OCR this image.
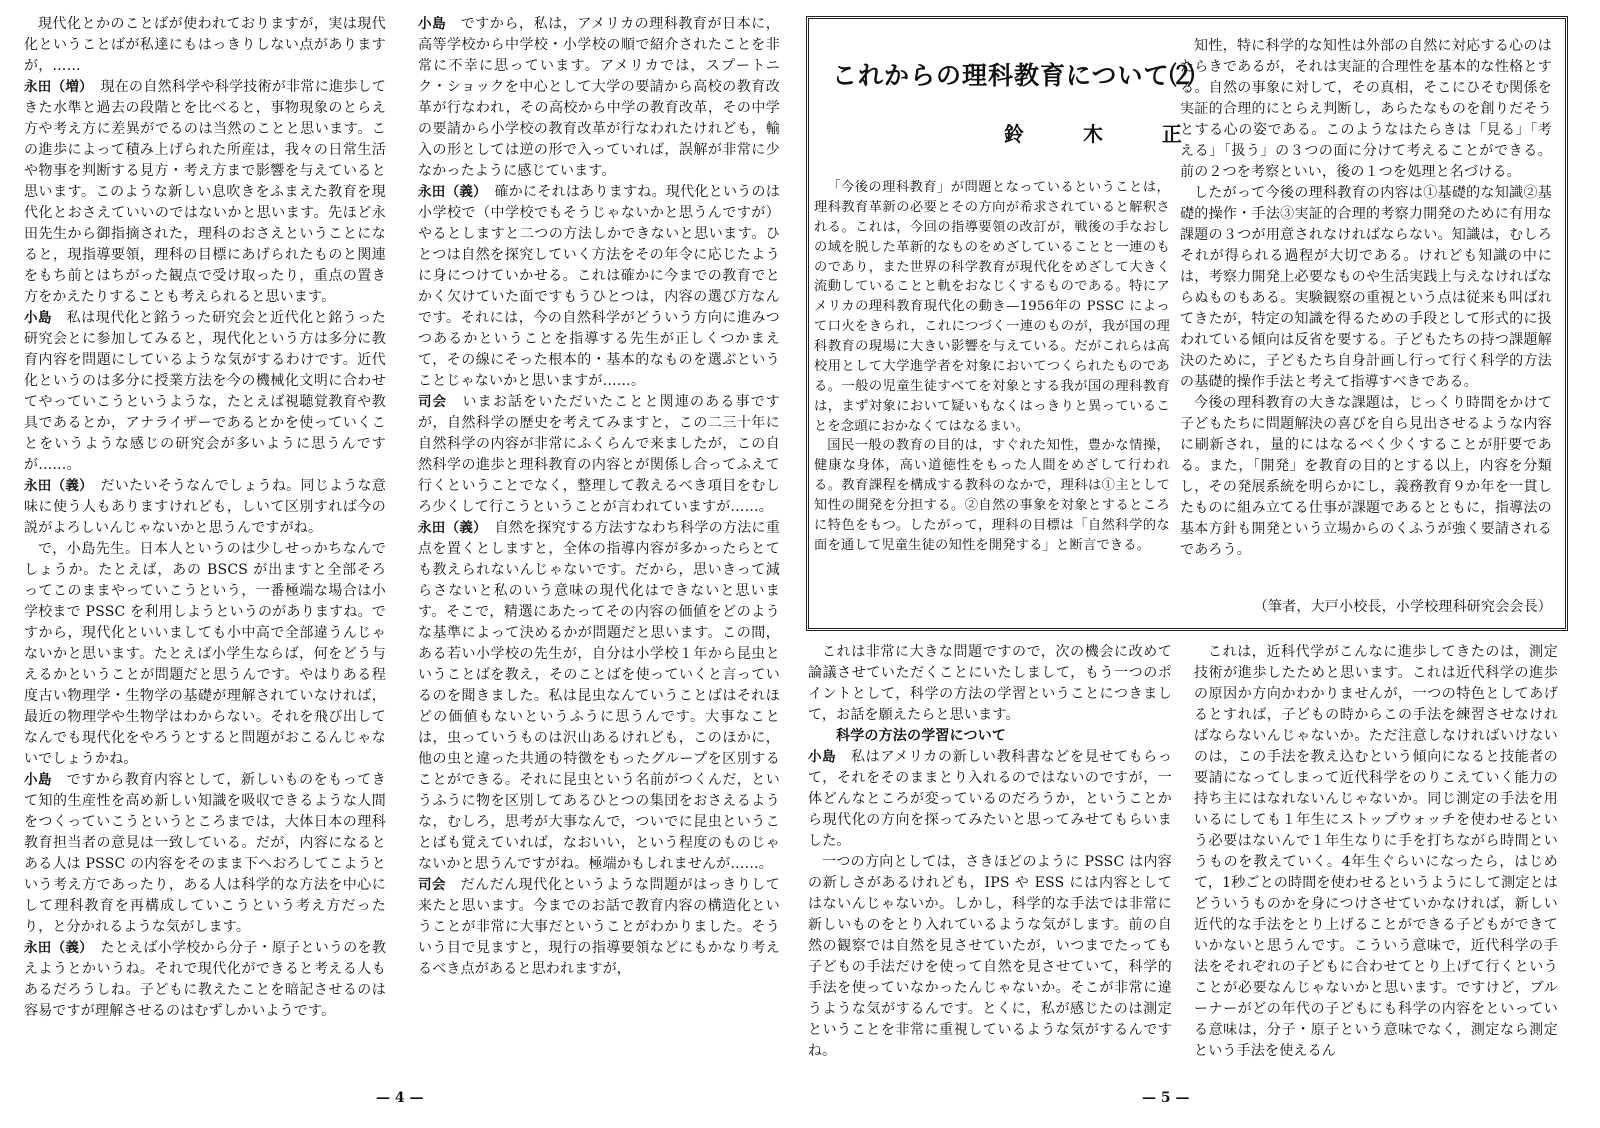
現代化とかのことばが使われておりますが，実は現代化ということばが私達にもはっきりしない点がありますが，……

永田（増）　 現在の自然科学や科学技術が非常に進歩してきた水準と過去の段階とを比べると，事物現象のとらえ方や考え方に差異がでるのは当然のことと思います。この進歩によって積み上げられた所産は，我々の日常生活や物事を判断する見方・考え方まで影響を与えていると思います。このような新しい息吹きをふまえた教育を現代化とおさえていいのではないかと思います。先ほど永田先生から御指摘された，理科のおさえということになると，現指導要領，理科の目標にあげられたものと関連をもち前とはちがった観点で受け取ったり，重点の置き方をかえたりすることも考えられると思います。

小島　 私は現代化と銘うった研究会と近代化と銘うった研究会とに参加してみると，現代化という方は多分に教育内容を問題にしているような気がするわけです。近代化というのは多分に授業方法を今の機械化文明に合わせてやっていこうというような，たとえば視聴覚教育や教具であるとか，アナライザーであるとかを使っていくことをいうような感じの研究会が多いように思うんですが……。

永田（義）　 だいたいそうなんでしょうね。同じような意味に使う人もありますけれども，しいて区別すれば今の説がよろしいんじゃないかと思うんですがね。

で，小島先生。日本人というのは少しせっかちなんでしょうか。たとえば，あの BSCS が出ますと全部そろってこのままやっていこうという，一番極端な場合は小学校まで PSSC を利用しようというのがありますね。ですから，現代化といいましても小中高で全部違うんじゃないかと思います。たとえば小学生ならば，何をどう与えるかということが問題だと思うんです。やはりある程度古い物理学・生物学の基礎が理解されていなければ，最近の物理学や生物学はわからない。それを飛び出してなんでも現代化をやろうとすると問題がおこるんじゃないでしょうかね。

小島　 ですから教育内容として，新しいものをもってきて知的生産性を高め新しい知識を吸収できるような人間をつくっていこうというところまでは，大体日本の理科教育担当者の意見は一致している。だが，内容になるとある人は PSSC の内容をそのまま下へおろしてこようという考え方であったり，ある人は科学的な方法を中心にして理科教育を再構成していこうという考え方だったり，と分かれるような気がします。

永田（義）　 たとえば小学校から分子・原子というのを教えようとかいうね。それで現代化ができると考える人もあるだろうしね。子どもに教えたことを暗記させるのは容易ですが理解させるのはむずしかいようです。

小島　 ですから，私は，アメリカの理科教育が日本に，高等学校から中学校・小学校の順で紹介されたことを非常に不幸に思っています。アメリカでは，スプートニク・ショックを中心として大学の要請から高校の教育改革が行なわれ，その高校から中学の教育改革，その中学の要請から小学校の教育改革が行なわれたけれども，輸入の形としては逆の形で入っていれば，誤解が非常に少なかったように感じています。

永田（義）　 確かにそれはありますね。現代化というのは小学校で（中学校でもそうじゃないかと思うんですが）やるとしますと二つの方法しかできないと思います。ひとつは自然を探究していく方法をその年令に応じたように身につけていかせる。これは確かに今までの教育でとかく欠けていた面ですもうひとつは，内容の選び方なんです。それには，今の自然科学がどういう方向に進みつつあるかということを指導する先生が正しくつかまえて，その線にそった根本的・基本的なものを選ぶということじゃないかと思いますが……。

司会　 いまお話をいただいたことと関連のある事ですが，自然科学の歴史を考えてみますと，この二三十年に自然科学の内容が非常にふくらんで来ましたが，この自然科学の進歩と理科教育の内容とが関係し合ってふえて行くということでなく，整理して教えるべき項目をむしろ少くして行こうということが言われていますが……。

永田（義）　 自然を探究する方法すなわち科学の方法に重点を置くとしますと，全体の指導内容が多かったらとても教えられないんじゃないです。だから，思いきって減らさないと私のいう意味の現代化はできないと思います。そこで，精選にあたってその内容の価値をどのような基準によって決めるかが問題だと思います。この間，ある若い小学校の先生が，自分は小学校１年から昆虫ということばを教え，そのことばを使っていくと言っているのを聞きました。私は昆虫なんていうことばはそれほどの価値もないというふうに思うんです。大事なことは，虫っていうものは沢山あるけれども，このほかに，他の虫と違った共通の特徴をもったグループを区別することができる。それに昆虫という名前がつくんだ，というふうに物を区別してあるひとつの集団をおさえるような，むしろ，思考が大事なんで，ついでに昆虫ということばも覚えていれば，なおいい，という程度のものじゃないかと思うんですがね。極端かもしれませんが……。

司会　 だんだん現代化というような問題がはっきりして来たと思います。今までのお話で教育内容の構造化ということが非常に大事だということがわかりました。そういう目で見ますと，現行の指導要領などにもかなり考えるべき点があると思われますが，

— 4 —
これからの理科教育について⑵
鈴 木 正

「今後の理科教育」が問題となっているということは，理科教育革新の必要とその方向が希求されていると解釈される。これは，今回の指導要領の改訂が，戦後の手なおしの域を脱した革新的なものをめざしていることと一連のものであり，また世界の科学教育が現代化をめざして大きく流動していることと軌をおなじくするものである。特にアメリカの理科教育現代化の動き—1956年の PSSC によって口火をきられ，これにつづく一連のものが，我が国の理科教育の現場に大きい影響を与えている。だがこれらは高校用として大学進学者を対象においてつくられたものである。一般の児童生徒すべてを対象とする我が国の理科教育は，まず対象において疑いもなくはっきりと異っていることを念頭におかなくてはなるまい。

国民一般の教育の目的は，すぐれた知性，豊かな情操，健康な身体，高い道徳性をもった人間をめざして行われる。教育課程を構成する教科のなかで，理科は①主として知性の開発を分担する。②自然の事象を対象とするところに特色をもつ。したがって，理科の目標は「自然科学的な面を通して児童生徒の知性を開発する」と断言できる。

知性，特に科学的な知性は外部の自然に対応する心のはたらきであるが，それは実証的合理性を基本的な性格とする。自然の事象に対して，その真相，そこにひそむ関係を実証的合理的にとらえ判断し，あらたなものを創りだそうとする心の姿である。このようなはたらきは「見る」「考える」「扱う」の３つの面に分けて考えることができる。前の２つを考察といい，後の１つを処理と名づける。

したがって今後の理科教育の内容は①基礎的な知識②基礎的操作・手法③実証的合理的考察力開発のために有用な課題の３つが用意されなければならない。知識は，むしろそれが得られる過程が大切である。けれども知識の中には，考察力開発上必要なものや生活実践上与えなければならぬものもある。実験観察の重視という点は従来も叫ばれてきたが，特定の知識を得るための手段として形式的に扱われている傾向は反省を要する。子どもたちの持つ課題解決のために，子どもたち自身計画し行って行く科学的方法の基礎的操作手法と考えて指導すべきである。

今後の理科教育の大きな課題は，じっくり時間をかけて子どもたちに問題解決の喜びを自ら見出させるような内容に刷新され，量的にはなるべく少くすることが肝要である。また，「開発」を教育の目的とする以上，内容を分類し，その発展系統を明らかにし，義務教育９か年を一貫したものに組み立てる仕事が課題であるとともに，指導法の基本方針も開発という立場からのくふうが強く要請されるであろう。

（筆者，大戸小校長，小学校理科研究会会長）

これは非常に大きな問題ですので，次の機会に改めて論議させていただくことにいたしまして，もう一つのポイントとして，科学の方法の学習ということにつきまして，お話を願えたらと思います。

科学の方法の学習について

小島　 私はアメリカの新しい教科書などを見せてもらって，それをそのままとり入れるのではないのですが，一体どんなところが変っているのだろうか，ということから現代化の方向を探ってみたいと思ってみせてもらいました。

一つの方向としては，さきほどのように PSSC は内容の新しさがあるけれども，IPS や ESS には内容としてはないんじゃないか。しかし，科学的な手法では非常に新しいものをとり入れているような気がします。前の自然の観察では自然を見させていたが，いつまでたっても子どもの手法だけを使って自然を見させていて，科学的手法を使っていなかったんじゃないか。そこが非常に違うような気がするんです。とくに，私が感じたのは測定ということを非常に重視しているような気がするんですね。

これは，近科代学がこんなに進歩してきたのは，測定技術が進歩したためと思います。これは近代科学の進歩の原因か方向かわかりませんが，一つの特色としてあげるとすれば，子どもの時からこの手法を練習させなければならないんじゃないか。ただ注意しなければいけないのは，この手法を教え込むという傾向になると技能者の要請になってしまって近代科学をのりこえていく能力の持ち主にはなれないんじゃないか。同じ測定の手法を用いるにしても１年生にストップウォッチを使わせるという必要はないんで１年生なりに手を打ちながら時間というものを教えていく。4年生ぐらいになったら，はじめて，1秒ごとの時間を使わせるというようにして測定とはどういうものかを身につけさせていかなければ，新しい近代的な手法をとり上げることができる子どもができていかないと思うんです。こういう意味で，近代科学の手法をそれぞれの子どもに合わせてとり上げて行くということが必要なんじゃないかと思います。ですけど，ブルーナーがどの年代の子どもにも科学の内容をといっている意味は，分子・原子という意味でなく，測定なら測定という手法を使えるん

— 5 —
